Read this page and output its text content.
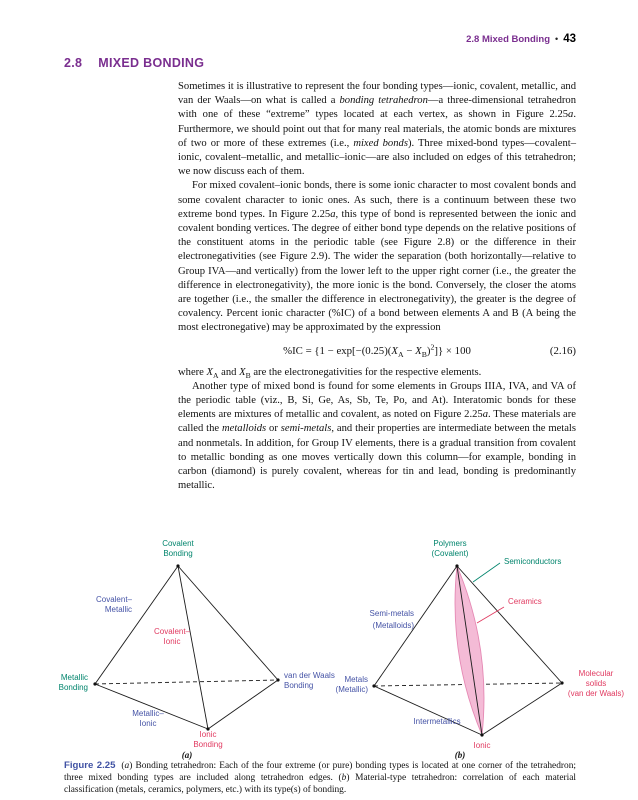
2.8 Mixed Bonding • 43
2.8 MIXED BONDING

Sometimes it is illustrative to represent the four bonding types—ionic, covalent, metallic, and van der Waals—on what is called a bonding tetrahedron—a three-dimensional tetrahedron with one of these “extreme” types located at each vertex, as shown in Figure 2.25a. Furthermore, we should point out that for many real materials, the atomic bonds are mixtures of two or more of these extremes (i.e., mixed bonds). Three mixed-bond types—covalent–ionic, covalent–metallic, and metallic–ionic—are also included on edges of this tetrahedron; we now discuss each of them.

For mixed covalent–ionic bonds, there is some ionic character to most covalent bonds and some covalent character to ionic ones. As such, there is a continuum between these two extreme bond types. In Figure 2.25a, this type of bond is represented between the ionic and covalent bonding vertices. The degree of either bond type depends on the relative positions of the constituent atoms in the periodic table (see Figure 2.8) or the difference in their electronegativities (see Figure 2.9). The wider the separation (both horizontally—relative to Group IVA—and vertically) from the lower left to the upper right corner (i.e., the greater the difference in electronegativity), the more ionic is the bond. Conversely, the closer the atoms are together (i.e., the smaller the difference in electronegativity), the greater is the degree of covalency. Percent ionic character (%IC) of a bond between elements A and B (A being the most electronegative) may be approximated by the expression

$\%IC = \{1 - \exp[-(0.25)(X_A - X_B)^2]\} \times 100$	(2.16)

where $X_A$ and $X_B$ are the electronegativities for the respective elements.

Another type of mixed bond is found for some elements in Groups IIIA, IVA, and VA of the periodic table (viz., B, Si, Ge, As, Sb, Te, Po, and At). Interatomic bonds for these elements are mixtures of metallic and covalent, as noted on Figure 2.25a. These materials are called the metalloids or semi-metals, and their properties are intermediate between the metals and nonmetals. In addition, for Group IV elements, there is a gradual transition from covalent to metallic bonding as one moves vertically down this column—for example, bonding in carbon (diamond) is purely covalent, whereas for tin and lead, bonding is predominantly metallic.

Covalent
Bonding
Covalent–
Metallic
Covalent–
Ionic
Metallic
Bonding
van der Waals
Bonding
Metallic–
Ionic
Ionic
Bonding
(a)
Polymers
(Covalent)
Semiconductors
Semi-metals
(Metalloids)
Ceramics
Metals
(Metallic)
Molecular
solids
(van der Waals)
Intermetallics
Ionic
(b)
Figure 2.25 (a) Bonding tetrahedron: Each of the four extreme (or pure) bonding types is located at one corner of the tetrahedron; three mixed bonding types are included along tetrahedron edges. (b) Material-type tetrahedron: correlation of each material classification (metals, ceramics, polymers, etc.) with its type(s) of bonding.
